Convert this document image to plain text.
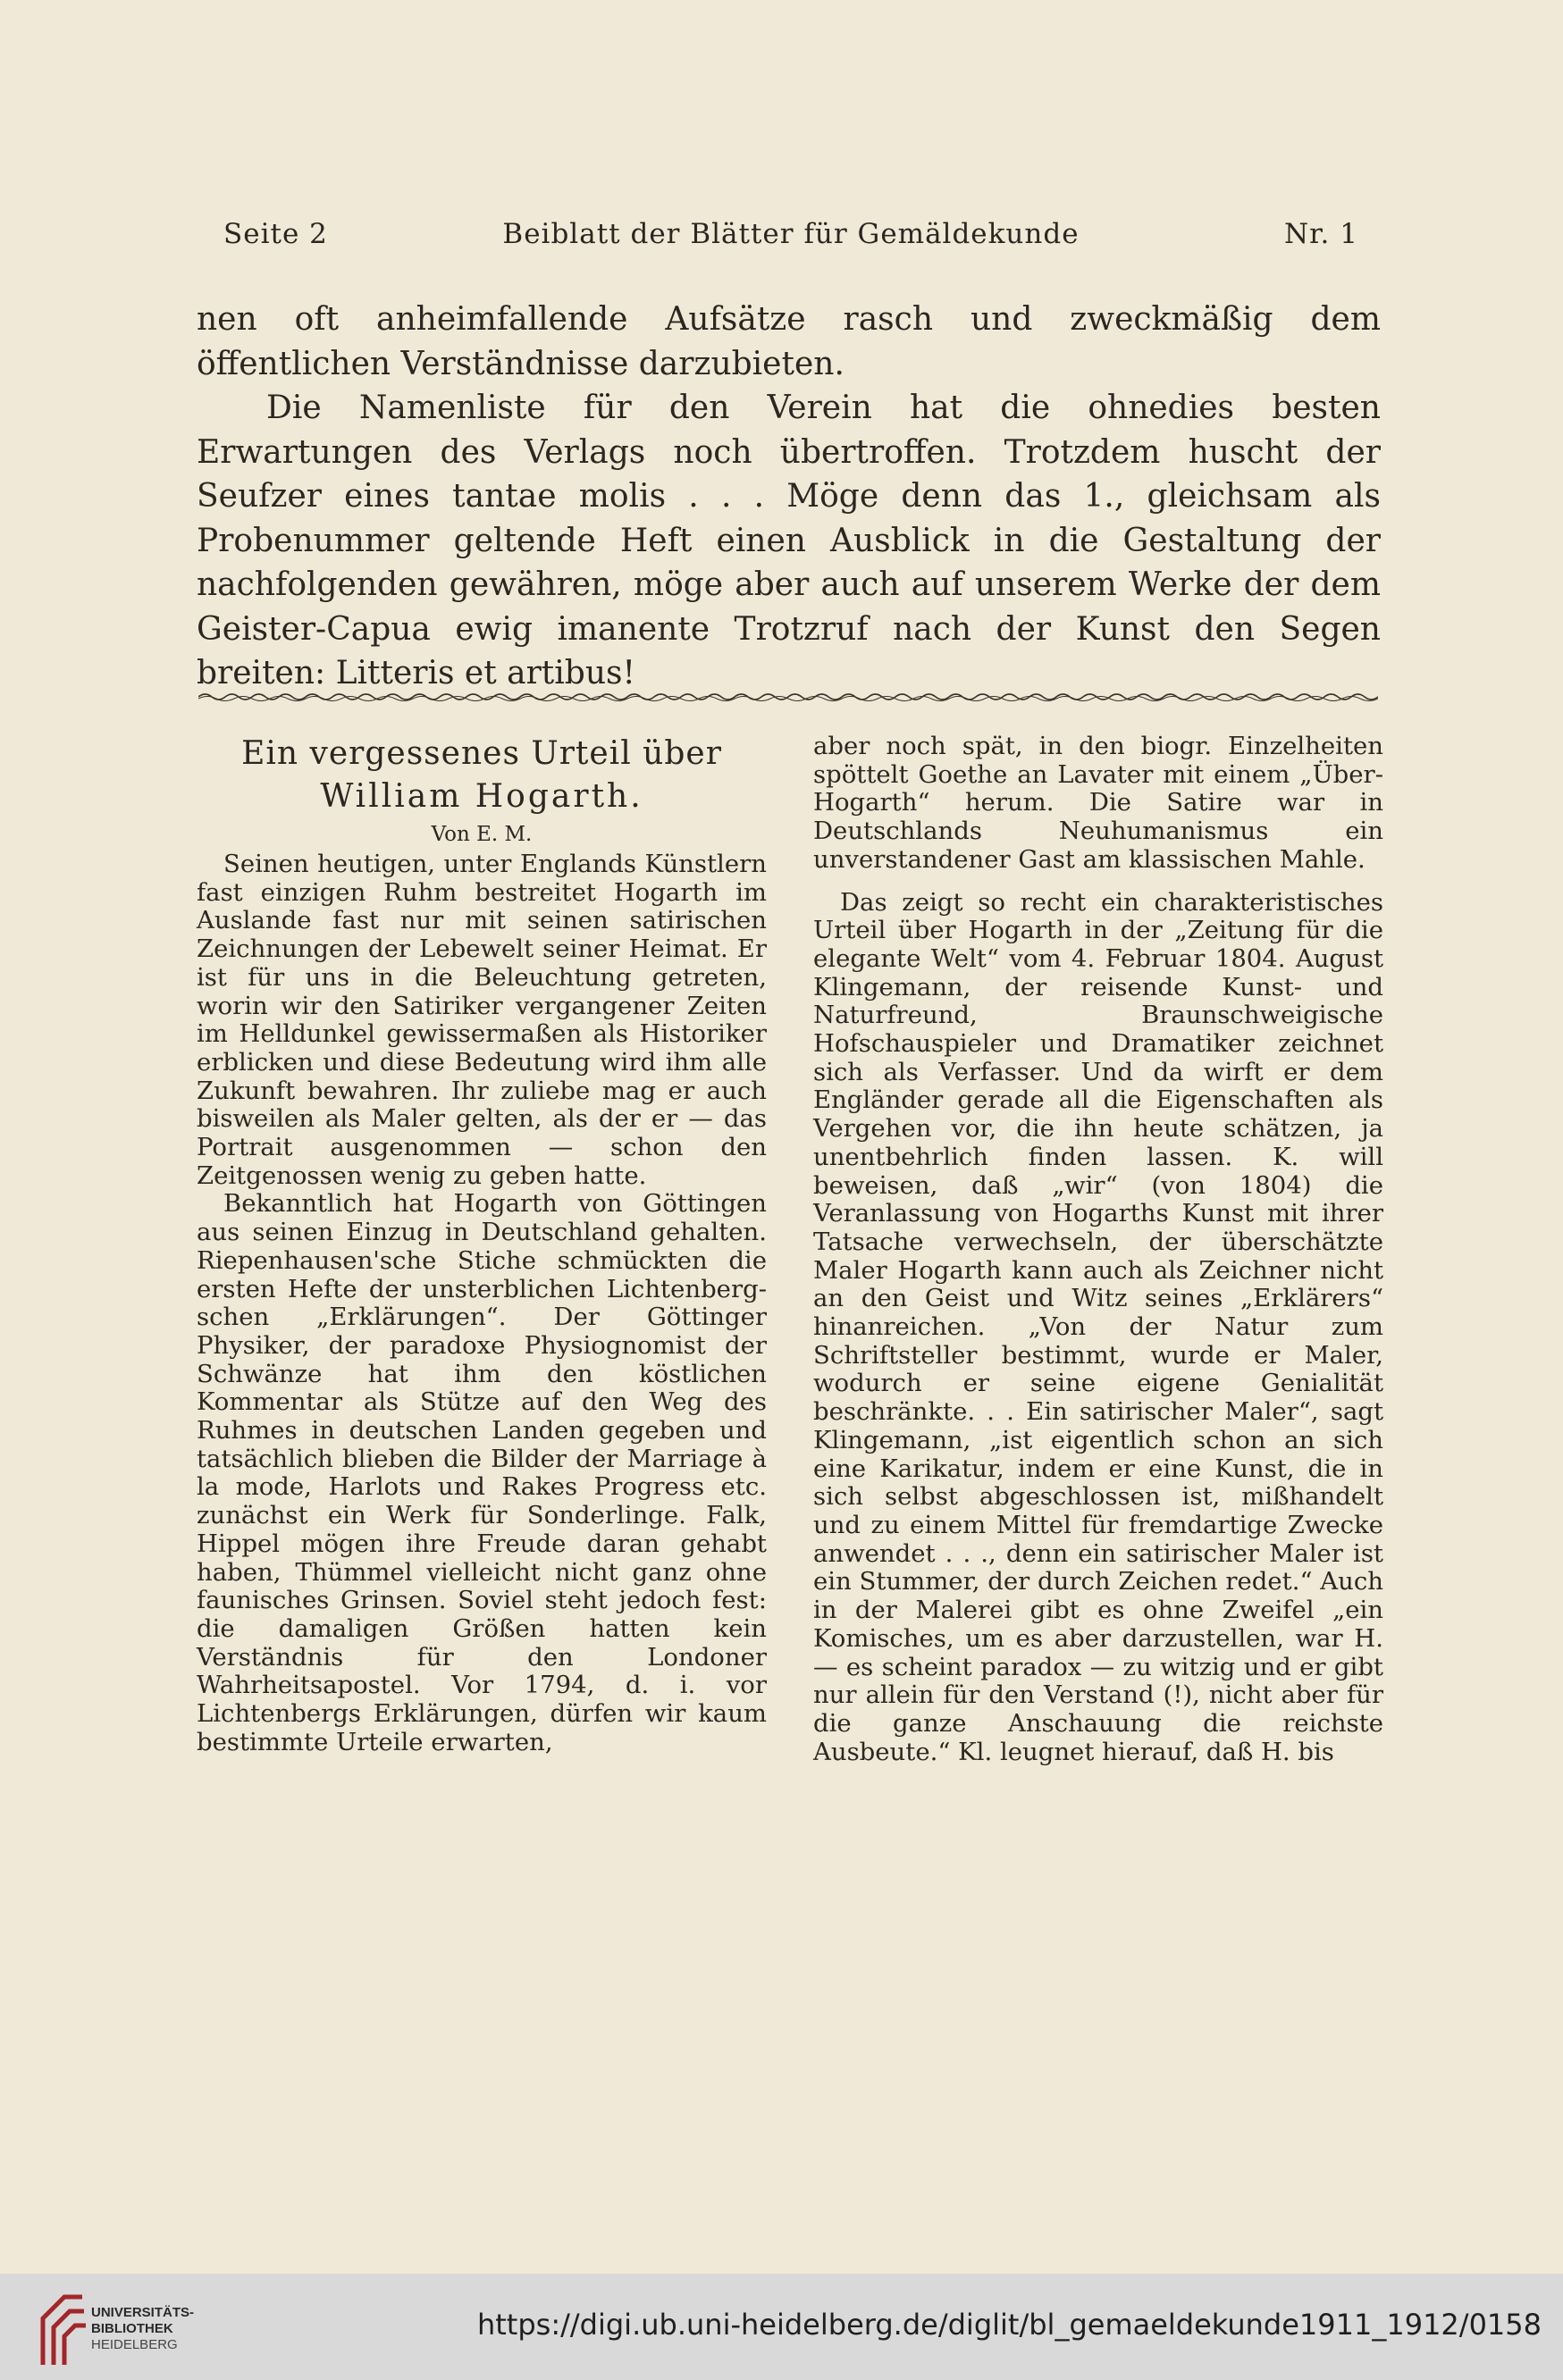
Seite 2	Beiblatt der Blätter für Gemäldekunde	Nr. 1

nen oft anheimfallende Aufsätze rasch und zweckmäßig dem öffentlichen Verständnisse darzubieten.

Die Namenliste für den Verein hat die ohnedies besten Erwartungen des Verlags noch übertroffen. Trotzdem huscht der Seufzer eines tantae molis . . . Möge denn das 1., gleichsam als Probenummer geltende Heft einen Ausblick in die Gestaltung der nachfolgenden gewähren, möge aber auch auf unserem Werke der dem Geister-Capua ewig imanente Trotzruf nach der Kunst den Segen breiten: Litteris et artibus!

Ein vergessenes Urteil über
William Hogarth.

Von E. M.

Seinen heutigen, unter Englands Künstlern fast einzigen Ruhm bestreitet Hogarth im Auslande fast nur mit seinen satirischen Zeichnungen der Lebewelt seiner Heimat. Er ist für uns in die Beleuchtung getreten, worin wir den Satiriker vergangener Zeiten im Helldunkel gewissermaßen als Historiker erblicken und diese Bedeutung wird ihm alle Zukunft bewahren. Ihr zuliebe mag er auch bisweilen als Maler gelten, als der er — das Portrait ausgenommen — schon den Zeitgenossen wenig zu geben hatte.

Bekanntlich hat Hogarth von Göttingen aus seinen Einzug in Deutschland gehalten. Riepenhausen'sche Stiche schmückten die ersten Hefte der unsterblichen Lichtenberg-schen „Erklärungen“. Der Göttinger Physiker, der paradoxe Physiognomist der Schwänze hat ihm den köstlichen Kommentar als Stütze auf den Weg des Ruhmes in deutschen Landen gegeben und tatsächlich blieben die Bilder der Marriage à la mode, Harlots und Rakes Progress etc. zunächst ein Werk für Sonderlinge. Falk, Hippel mögen ihre Freude daran gehabt haben, Thümmel vielleicht nicht ganz ohne faunisches Grinsen. Soviel steht jedoch fest: die damaligen Größen hatten kein Verständnis für den Londoner Wahrheitsapostel. Vor 1794, d. i. vor Lichtenbergs Erklärungen, dürfen wir kaum bestimmte Urteile erwarten,

aber noch spät, in den biogr. Einzelheiten spöttelt Goethe an Lavater mit einem „Über-Hogarth“ herum. Die Satire war in Deutschlands Neuhumanismus ein unverstandener Gast am klassischen Mahle.

Das zeigt so recht ein charakteristisches Urteil über Hogarth in der „Zeitung für die elegante Welt“ vom 4. Februar 1804. August Klingemann, der reisende Kunst- und Naturfreund, Braunschweigische Hofschauspieler und Dramatiker zeichnet sich als Verfasser. Und da wirft er dem Engländer gerade all die Eigenschaften als Vergehen vor, die ihn heute schätzen, ja unentbehrlich finden lassen. K. will beweisen, daß „wir“ (von 1804) die Veranlassung von Hogarths Kunst mit ihrer Tatsache verwechseln, der überschätzte Maler Hogarth kann auch als Zeichner nicht an den Geist und Witz seines „Erklärers“ hinanreichen. „Von der Natur zum Schriftsteller bestimmt, wurde er Maler, wodurch er seine eigene Genialität beschränkte. . . Ein satirischer Maler“, sagt Klingemann, „ist eigentlich schon an sich eine Karikatur, indem er eine Kunst, die in sich selbst abgeschlossen ist, mißhandelt und zu einem Mittel für fremdartige Zwecke anwendet . . ., denn ein satirischer Maler ist ein Stummer, der durch Zeichen redet.“ Auch in der Malerei gibt es ohne Zweifel „ein Komisches, um es aber darzustellen, war H. — es scheint paradox — zu witzig und er gibt nur allein für den Verstand (!), nicht aber für die ganze Anschauung die reichste Ausbeute.“ Kl. leugnet hierauf, daß H. bis

UNIVERSITÄTS-
BIBLIOTHEK
HEIDELBERG
https://digi.ub.uni-heidelberg.de/diglit/bl_gemaeldekunde1911_1912/0158
